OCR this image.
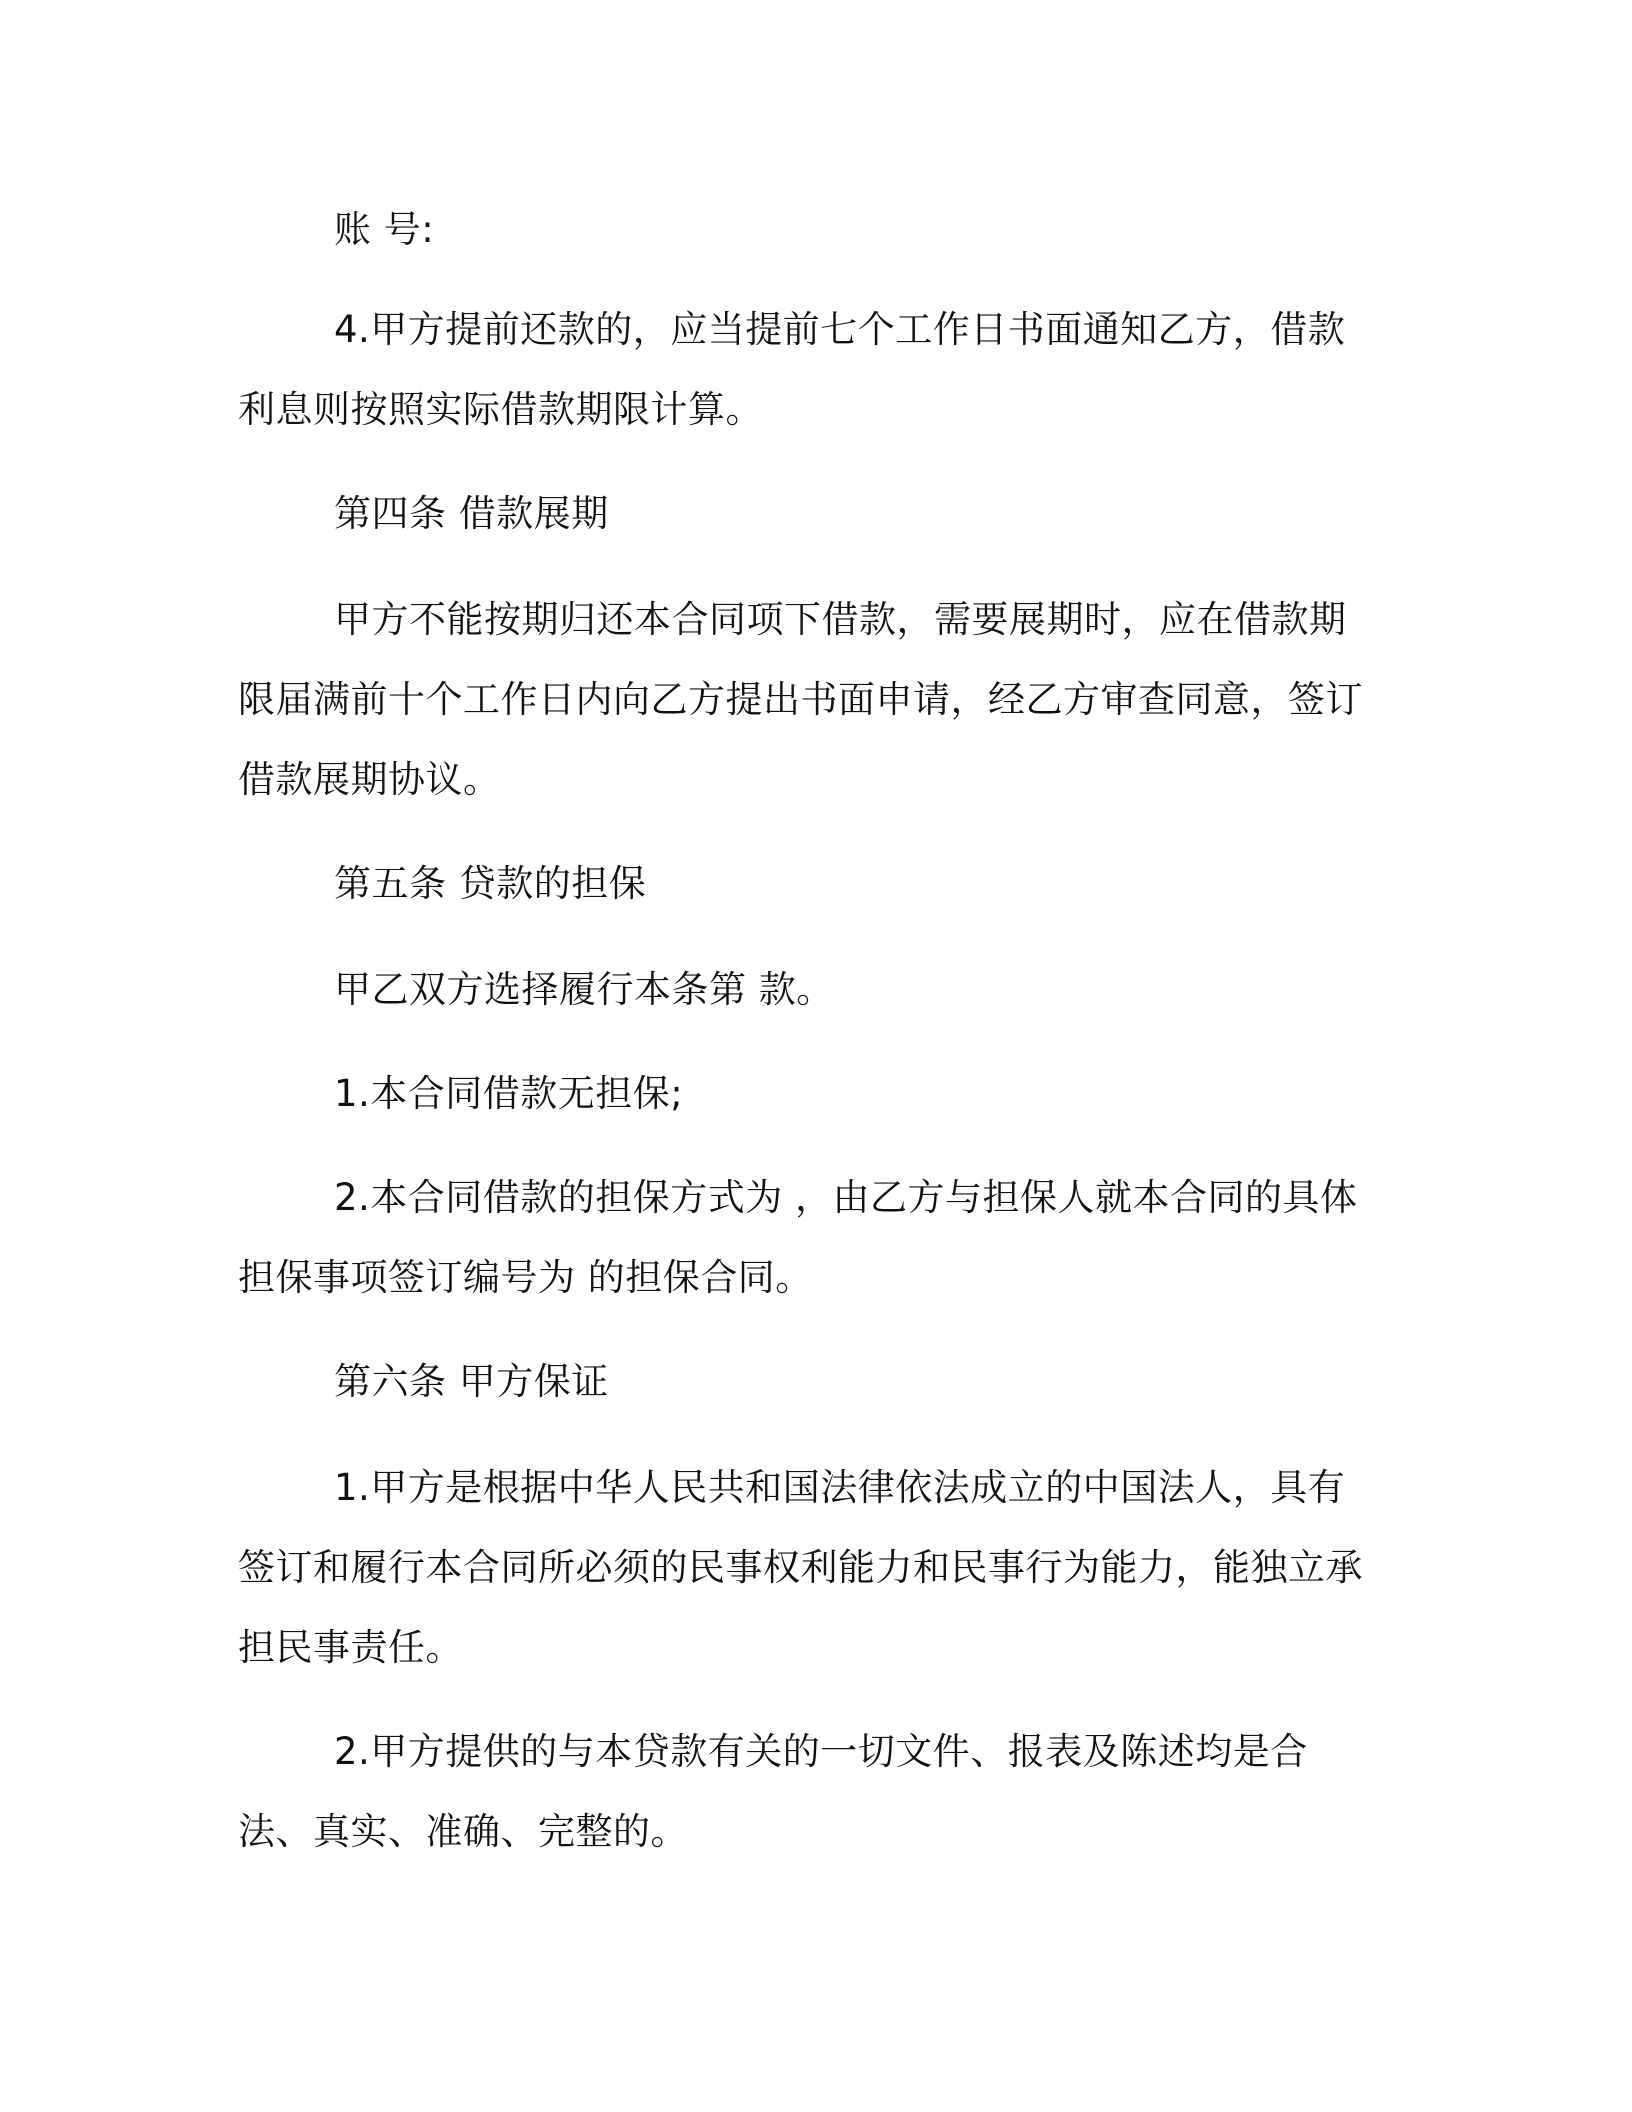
账 号:

4.甲方提前还款的，应当提前七个工作日书面通知乙方，借款利息则按照实际借款期限计算。

第四条 借款展期

甲方不能按期归还本合同项下借款，需要展期时，应在借款期限届满前十个工作日内向乙方提出书面申请，经乙方审查同意，签订借款展期协议。

第五条 贷款的担保

甲乙双方选择履行本条第 款。

1.本合同借款无担保;

2.本合同借款的担保方式为 ，由乙方与担保人就本合同的具体担保事项签订编号为 的担保合同。

第六条 甲方保证

1.甲方是根据中华人民共和国法律依法成立的中国法人，具有签订和履行本合同所必须的民事权利能力和民事行为能力，能独立承担民事责任。

2.甲方提供的与本贷款有关的一切文件、报表及陈述均是合法、真实、准确、完整的。
